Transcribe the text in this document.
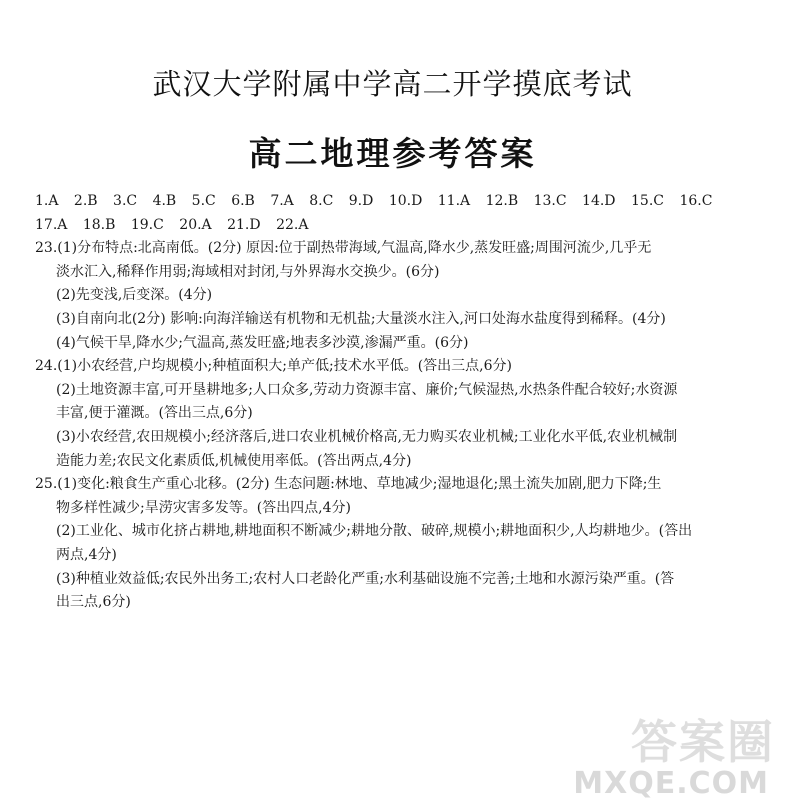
武汉大学附属中学高二开学摸底考试
高二地理参考答案
1.A 2.B 3.C 4.B 5.C 6.B 7.A 8.C 9.D 10.D 11.A 12.B 13.C 14.D 15.C 16.C
17.A 18.B 19.C 20.A 21.D 22.A
23.(1)分布特点:北高南低。(2分) 原因:位于副热带海域,气温高,降水少,蒸发旺盛;周围河流少,几乎无
淡水汇入,稀释作用弱;海域相对封闭,与外界海水交换少。(6分)
(2)先变浅,后变深。(4分)
(3)自南向北(2分) 影响:向海洋输送有机物和无机盐;大量淡水注入,河口处海水盐度得到稀释。(4分)
(4)气候干旱,降水少;气温高,蒸发旺盛;地表多沙漠,渗漏严重。(6分)
24.(1)小农经营,户均规模小;种植面积大;单产低;技术水平低。(答出三点,6分)
(2)土地资源丰富,可开垦耕地多;人口众多,劳动力资源丰富、廉价;气候湿热,水热条件配合较好;水资源
丰富,便于灌溉。(答出三点,6分)
(3)小农经营,农田规模小;经济落后,进口农业机械价格高,无力购买农业机械;工业化水平低,农业机械制
造能力差;农民文化素质低,机械使用率低。(答出两点,4分)
25.(1)变化:粮食生产重心北移。(2分) 生态问题:林地、草地减少;湿地退化;黑土流失加剧,肥力下降;生
物多样性减少;旱涝灾害多发等。(答出四点,4分)
(2)工业化、城市化挤占耕地,耕地面积不断减少;耕地分散、破碎,规模小;耕地面积少,人均耕地少。(答出
两点,4分)
(3)种植业效益低;农民外出务工;农村人口老龄化严重;水利基础设施不完善;土地和水源污染严重。(答
出三点,6分)
答案圈
MXQE.COM
